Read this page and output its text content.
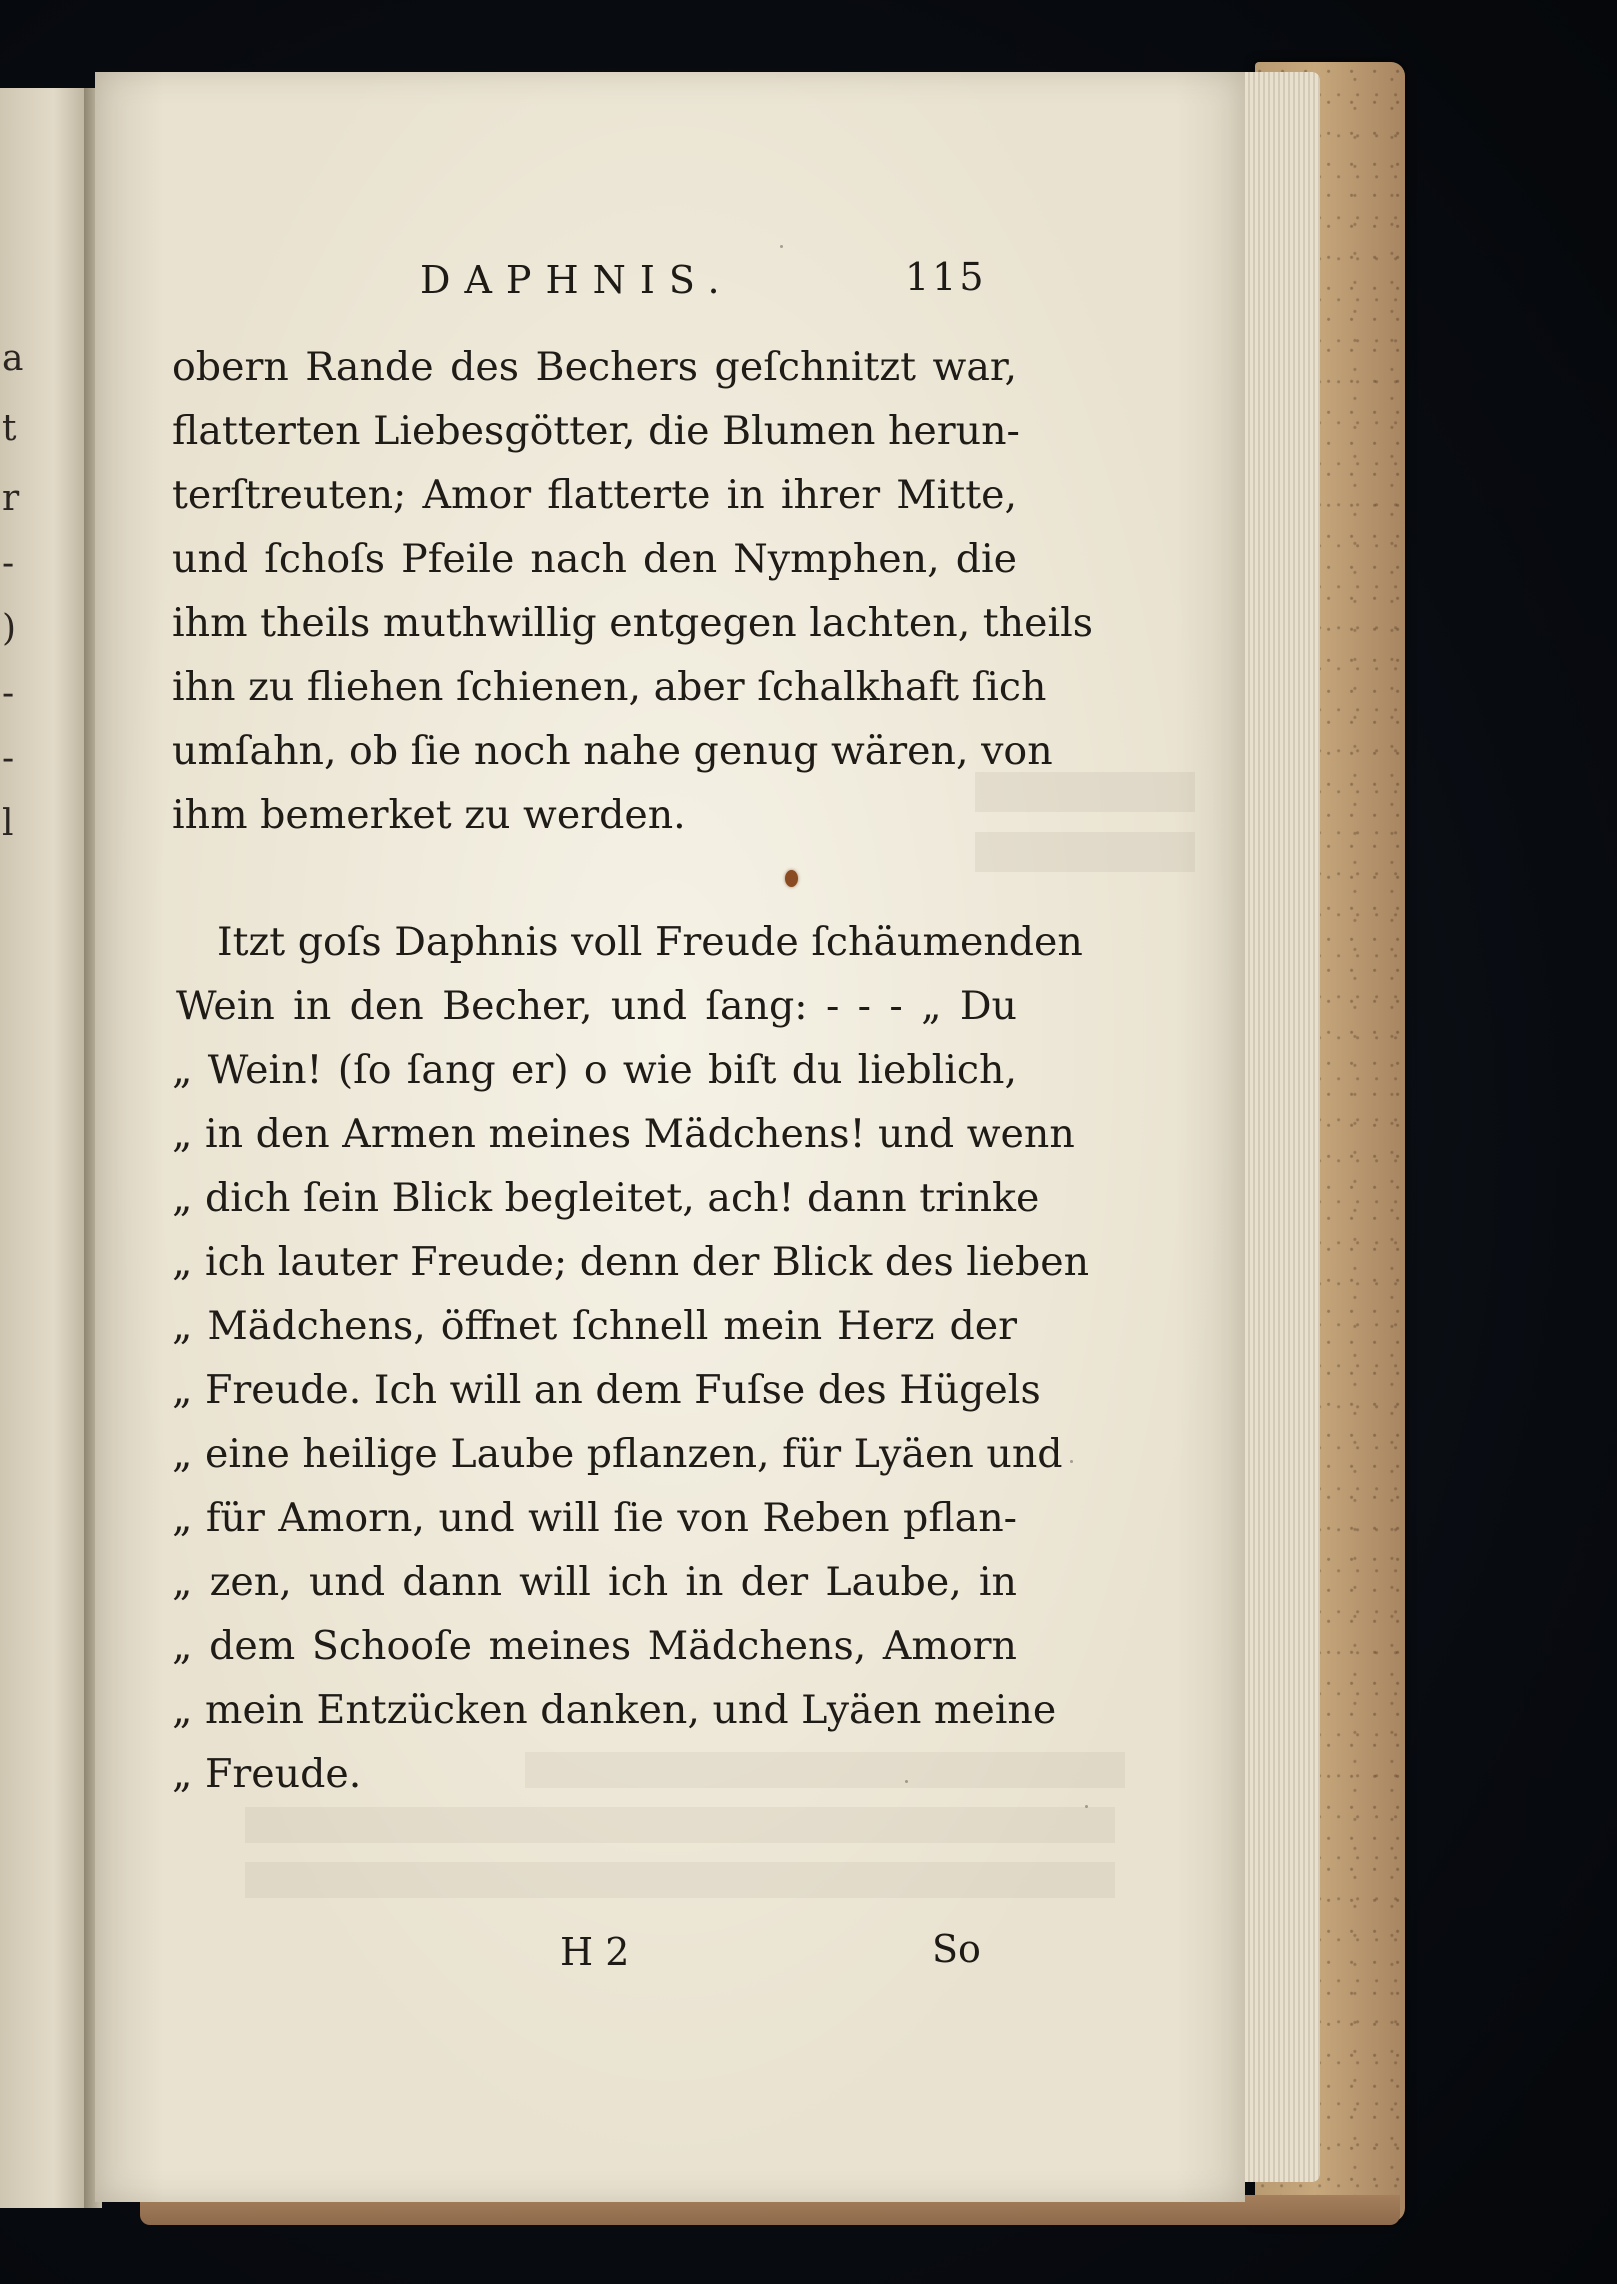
a
t
r
-
)
-
-
l
DAPHNIS.	115
obern Rande des Bechers geſchnitzt war,
flatterten Liebesgötter, die Blumen herun-
terſtreuten; Amor flatterte in ihrer Mitte,
und ſchoſs Pfeile nach den Nymphen, die
ihm theils muthwillig entgegen lachten, theils
ihn zu fliehen ſchienen, aber ſchalkhaft ſich
umſahn, ob ſie noch nahe genug wären, von
ihm bemerket zu werden.
Itzt goſs Daphnis voll Freude ſchäumenden
Wein in den Becher, und ſang: - - - „ Du
„ Wein! (ſo ſang er) o wie biſt du lieblich,
„ in den Armen meines Mädchens! und wenn
„ dich ſein Blick begleitet, ach! dann trinke
„ ich lauter Freude; denn der Blick des lieben
„ Mädchens, öffnet ſchnell mein Herz der
„ Freude. Ich will an dem Fuſse des Hügels
„ eine heilige Laube pflanzen, für Lyäen und
„ für Amorn, und will ſie von Reben pflan-
„ zen, und dann will ich in der Laube, in
„ dem Schooſe meines Mädchens, Amorn
„ mein Entzücken danken, und Lyäen meine
„ Freude.
H 2	So
